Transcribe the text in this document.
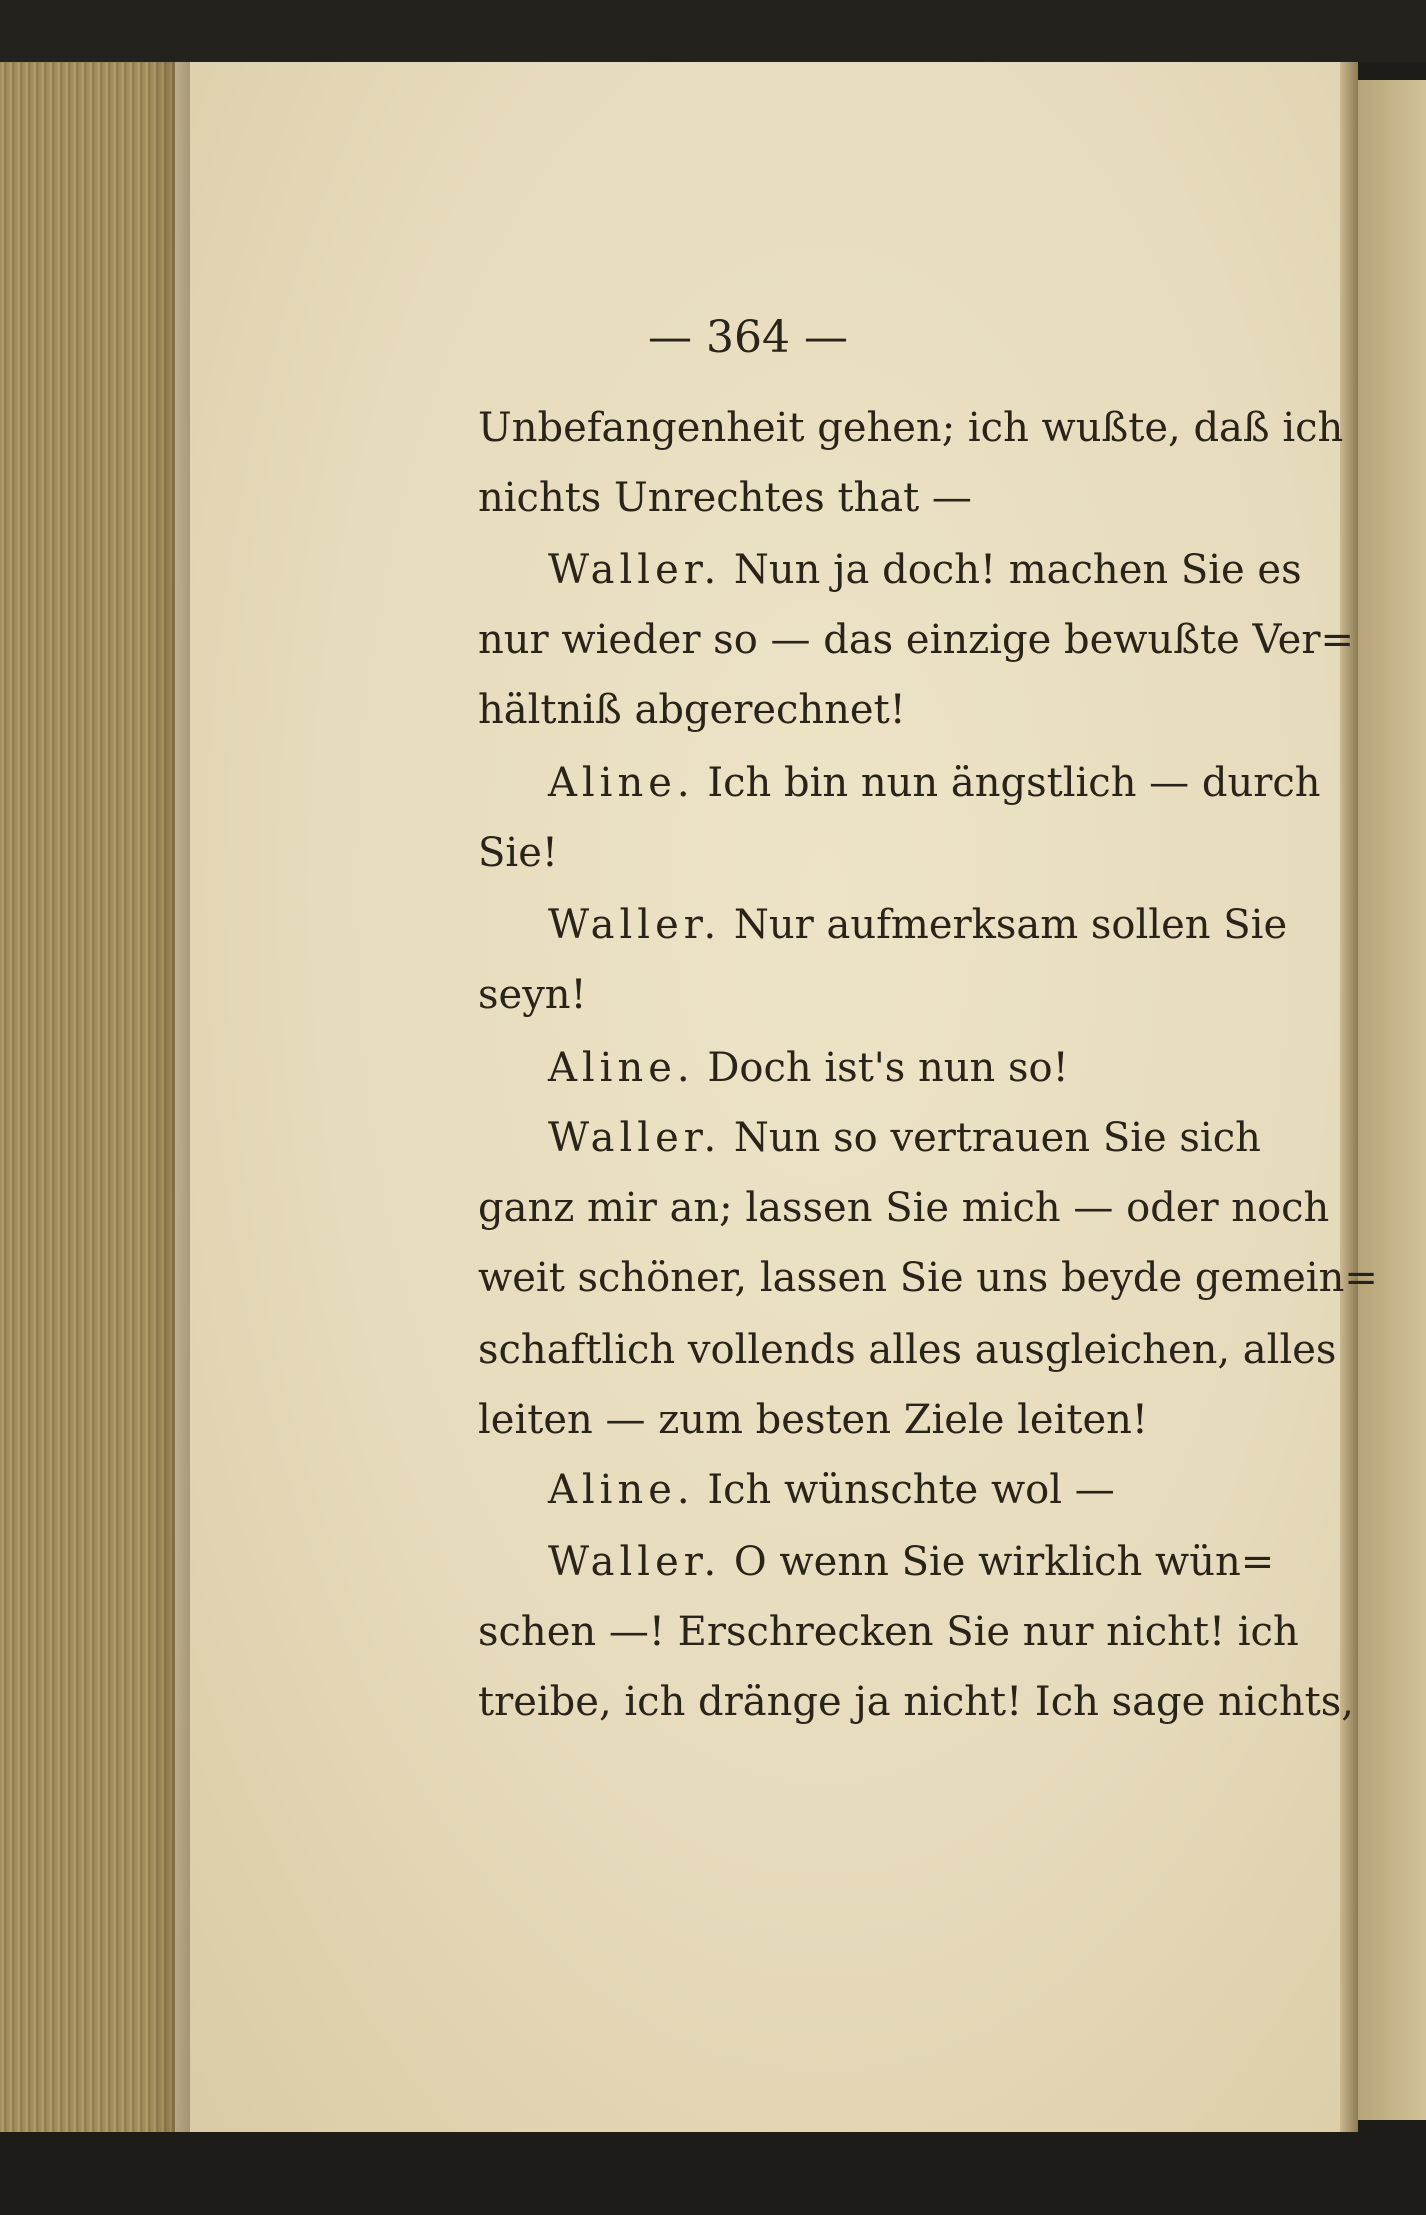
— 364 —
Unbefangenheit gehen; ich wußte, daß ich
nichts Unrechtes that —
Waller. Nun ja doch! machen Sie es
nur wieder so — das einzige bewußte Ver=
hältniß abgerechnet!
Aline. Ich bin nun ängstlich — durch
Sie!
Waller. Nur aufmerksam sollen Sie
seyn!
Aline. Doch ist's nun so!
Waller. Nun so vertrauen Sie sich
ganz mir an; lassen Sie mich — oder noch
weit schöner, lassen Sie uns beyde gemein=
schaftlich vollends alles ausgleichen, alles
leiten — zum besten Ziele leiten!
Aline. Ich wünschte wol —
Waller. O wenn Sie wirklich wün=
schen —! Erschrecken Sie nur nicht! ich
treibe, ich dränge ja nicht! Ich sage nichts,
